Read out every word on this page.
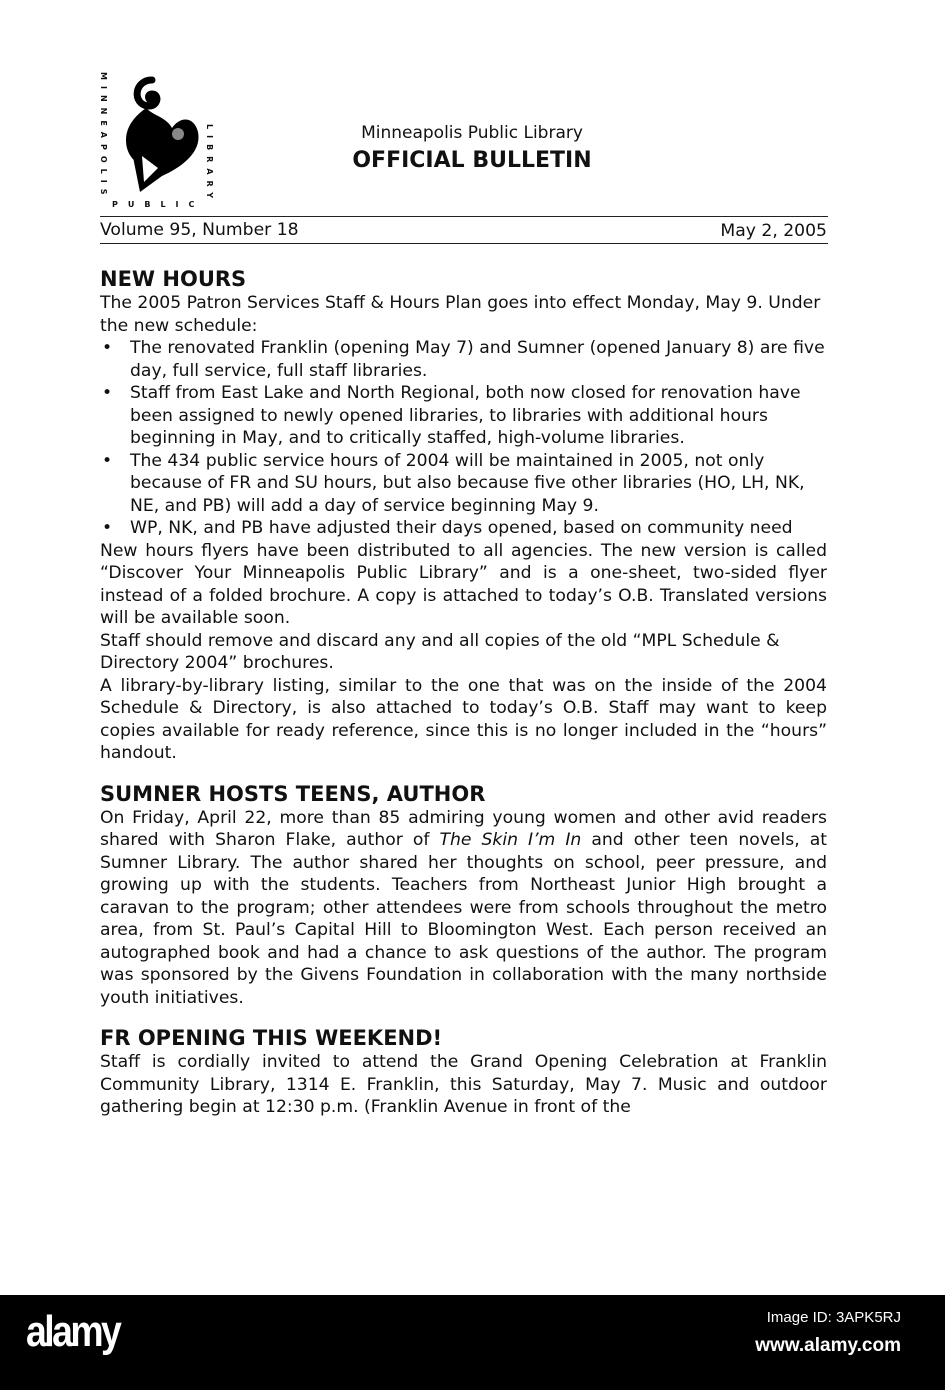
MINNEAPOLIS	LIBRARY
PUBLIC
Minneapolis Public Library
OFFICIAL BULLETIN
Volume 95, Number 18	May 2, 2005
NEW HOURS

The 2005 Patron Services Staff & Hours Plan goes into effect Monday, May 9. Under the new schedule:

• The renovated Franklin (opening May 7) and Sumner (opened January 8) are five day, full service, full staff libraries.
• Staff from East Lake and North Regional, both now closed for renovation have been assigned to newly opened libraries, to libraries with additional hours beginning in May, and to critically staffed, high-volume libraries.
• The 434 public service hours of 2004 will be maintained in 2005, not only because of FR and SU hours, but also because five other libraries (HO, LH, NK, NE, and PB) will add a day of service beginning May 9.
• WP, NK, and PB have adjusted their days opened, based on community need

New hours flyers have been distributed to all agencies. The new version is called “Discover Your Minneapolis Public Library” and is a one-sheet, two-sided flyer instead of a folded brochure. A copy is attached to today’s O.B. Translated versions will be available soon.

Staff should remove and discard any and all copies of the old “MPL Schedule & Directory 2004” brochures.

A library-by-library listing, similar to the one that was on the inside of the 2004 Schedule & Directory, is also attached to today’s O.B. Staff may want to keep copies available for ready reference, since this is no longer included in the “hours” handout.

SUMNER HOSTS TEENS, AUTHOR

On Friday, April 22, more than 85 admiring young women and other avid readers shared with Sharon Flake, author of The Skin I’m In and other teen novels, at Sumner Library. The author shared her thoughts on school, peer pressure, and growing up with the students. Teachers from Northeast Junior High brought a caravan to the program; other attendees were from schools throughout the metro area, from St. Paul’s Capital Hill to Bloomington West. Each person received an autographed book and had a chance to ask questions of the author. The program was sponsored by the Givens Foundation in collaboration with the many northside youth initiatives.

FR OPENING THIS WEEKEND!

Staff is cordially invited to attend the Grand Opening Celebration at Franklin Community Library, 1314 E. Franklin, this Saturday, May 7. Music and outdoor gathering begin at 12:30 p.m. (Franklin Avenue in front of the

alamy	Image ID: 3APK5RJ
www.alamy.com
